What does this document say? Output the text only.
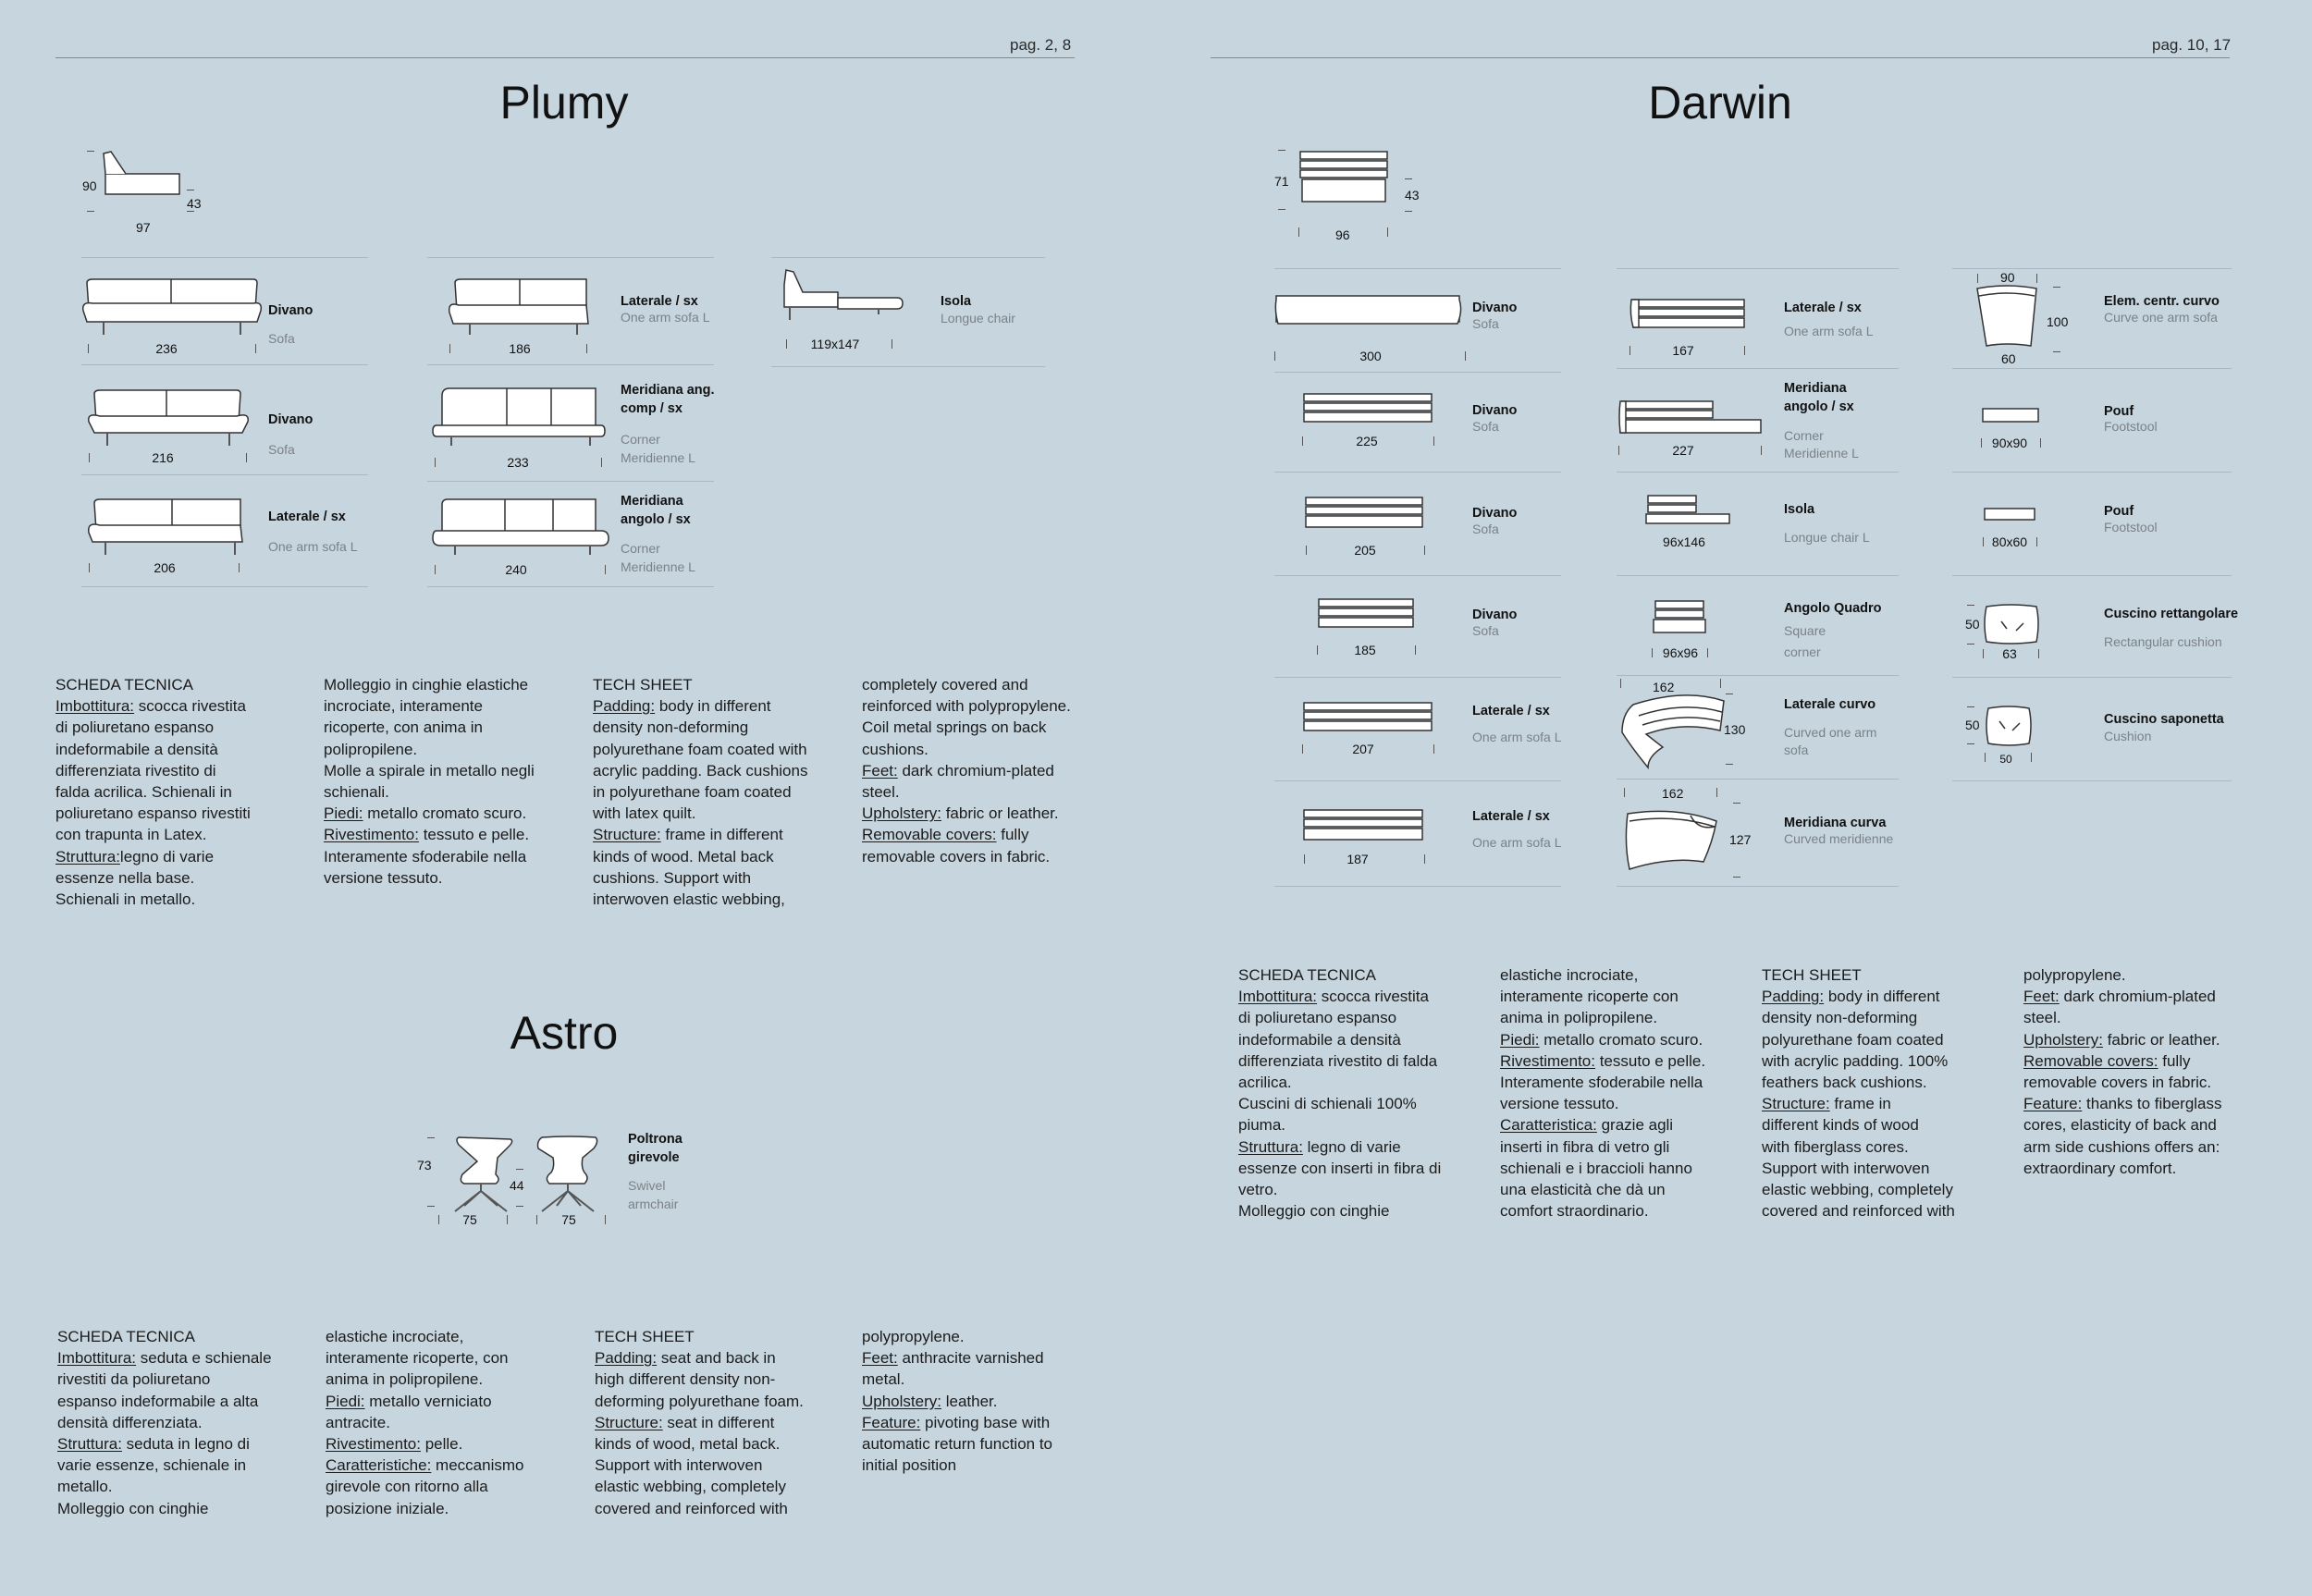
pag. 2, 8	pag. 10, 17
Plumy
90
43
97
236
Divano
Sofa
186
Laterale / sx
One arm sofa L
119x147
Isola
Longue chair
216
Divano
Sofa
233
Meridiana ang.
comp / sx
Corner
Meridienne L
206
Laterale / sx
One arm sofa L
240
Meridiana
angolo / sx
Corner
Meridienne L
SCHEDA TECNICA
Imbottitura: scocca rivestita
di poliuretano espanso
indeformabile a densità
differenziata rivestito di
falda acrilica. Schienali in
poliuretano espanso rivestiti
con trapunta in Latex.
Struttura:legno di varie
essenze nella base.
Schienali in metallo.
Molleggio in cinghie elastiche
incrociate, interamente
ricoperte, con anima in
polipropilene.
Molle a spirale in metallo negli
schienali.
Piedi: metallo cromato scuro.
Rivestimento: tessuto e pelle.
Interamente sfoderabile nella
versione tessuto.
TECH SHEET
Padding: body in different
density non-deforming
polyurethane foam coated with
acrylic padding. Back cushions
in polyurethane foam coated
with latex quilt.
Structure: frame in different
kinds of wood. Metal back
cushions. Support with
interwoven elastic webbing,
completely covered and
reinforced with polypropylene.
Coil metal springs on back
cushions.
Feet: dark chromium-plated
steel.
Upholstery: fabric or leather.
Removable covers: fully
removable covers in fabric.
Astro
73
44
75	75
Poltrona
girevole
Swivel
armchair
SCHEDA TECNICA
Imbottitura: seduta e schienale
rivestiti da poliuretano
espanso indeformabile a alta
densità differenziata.
Struttura: seduta in legno di
varie essenze, schienale in
metallo.
Molleggio con cinghie
elastiche incrociate,
interamente ricoperte, con
anima in polipropilene.
Piedi: metallo verniciato
antracite.
Rivestimento: pelle.
Caratteristiche: meccanismo
girevole con ritorno alla
posizione iniziale.
TECH SHEET
Padding: seat and back in
high different density non-
deforming polyurethane foam.
Structure: seat in different
kinds of wood, metal back.
Support with interwoven
elastic webbing, completely
covered and reinforced with
polypropylene.
Feet: anthracite varnished
metal.
Upholstery: leather.
Feature: pivoting base with
automatic return function to
initial position
Darwin
71
43
96
300
Divano
Sofa
225
Divano
Sofa
205
Divano
Sofa
185
Divano
Sofa
207
Laterale / sx
One arm sofa L
187
Laterale / sx
One arm sofa L
167
Laterale / sx
One arm sofa L
227
Meridiana
angolo / sx
Corner
Meridienne L
96x146
Isola
Longue chair L
96x96
Angolo Quadro
Square
corner
162
130
Laterale curvo
Curved one arm
sofa
162
127
Meridiana curva
Curved meridienne
90
100
60
Elem. centr. curvo
Curve one arm sofa
90x90
Pouf
Footstool
80x60
Pouf
Footstool
50
63
Cuscino rettangolare
Rectangular cushion
50
50
Cuscino saponetta
Cushion
SCHEDA TECNICA
Imbottitura: scocca rivestita
di poliuretano espanso
indeformabile a densità
differenziata rivestito di falda
acrilica.
Cuscini di schienali 100%
piuma.
Struttura: legno di varie
essenze con inserti in fibra di
vetro.
Molleggio con cinghie
elastiche incrociate,
interamente ricoperte con
anima in polipropilene.
Piedi: metallo cromato scuro.
Rivestimento: tessuto e pelle.
Interamente sfoderabile nella
versione tessuto.
Caratteristica: grazie agli
inserti in fibra di vetro gli
schienali e i braccioli hanno
una elasticità che dà un
comfort straordinario.
TECH SHEET
Padding: body in different
density non-deforming
polyurethane foam coated
with acrylic padding. 100%
feathers back cushions.
Structure: frame in
different kinds of wood
with fiberglass cores.
Support with interwoven
elastic webbing, completely
covered and reinforced with
polypropylene.
Feet: dark chromium-plated
steel.
Upholstery: fabric or leather.
Removable covers: fully
removable covers in fabric.
Feature: thanks to fiberglass
cores, elasticity of back and
arm side cushions offers an:
extraordinary comfort.
